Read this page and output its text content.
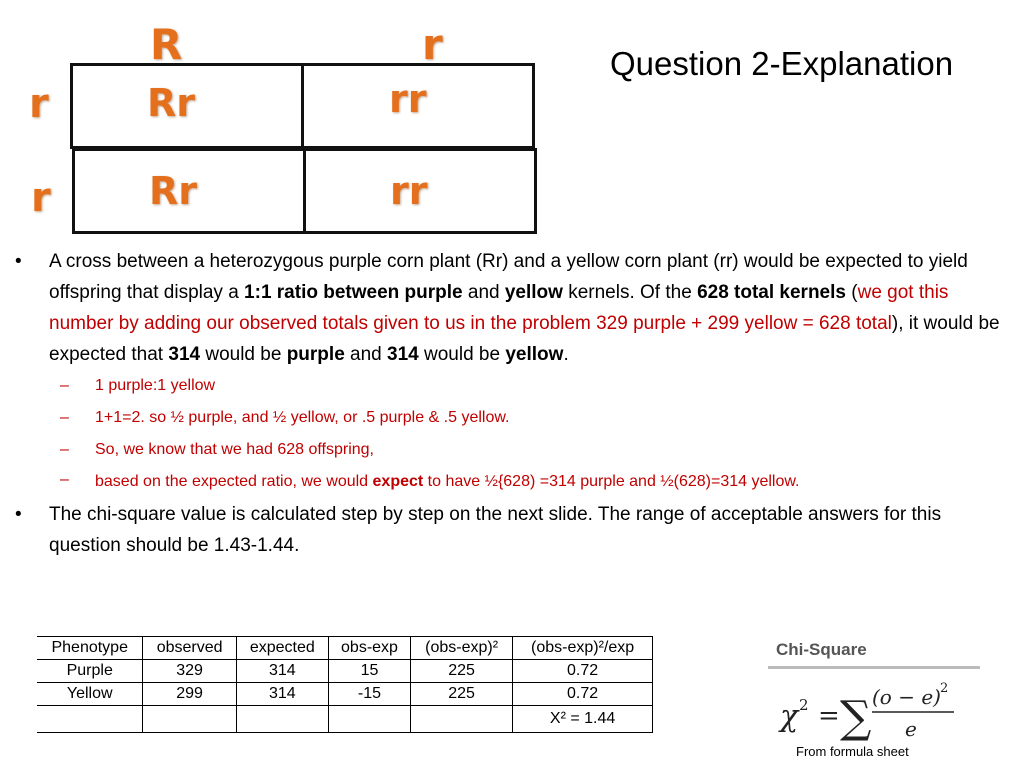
Question 2-Explanation
R	r
r
r
Rr	rr
Rr	rr

• A cross between a heterozygous purple corn plant (Rr) and a yellow corn plant (rr) would be expected to yield offspring that display a 1:1 ratio between purple and yellow kernels. Of the 628 total kernels (we got this number by adding our observed totals given to us in the problem 329 purple + 299 yellow = 628 total), it would be expected that 314 would be purple and 314 would be yellow.

– 1 purple:1 yellow

– 1+1=2. so ½ purple, and ½ yellow, or .5 purple & .5 yellow.

– So, we know that we had 628 offspring,

– based on the expected ratio, we would expect to have ½{628) =314 purple and ½(628)=314 yellow.

• The chi-square value is calculated step by step on the next slide. The range of acceptable answers for this question should be 1.43-1.44.

Phenotype	observed	expected	obs-exp	(obs-exp)²	(obs-exp)²/exp
Purple	329	314	15	225	0.72
Yellow	299	314	-15	225	0.72
					X² = 1.44
Chi-Square
χ 2 = ∑ (o − e) 2
e
From formula sheet
